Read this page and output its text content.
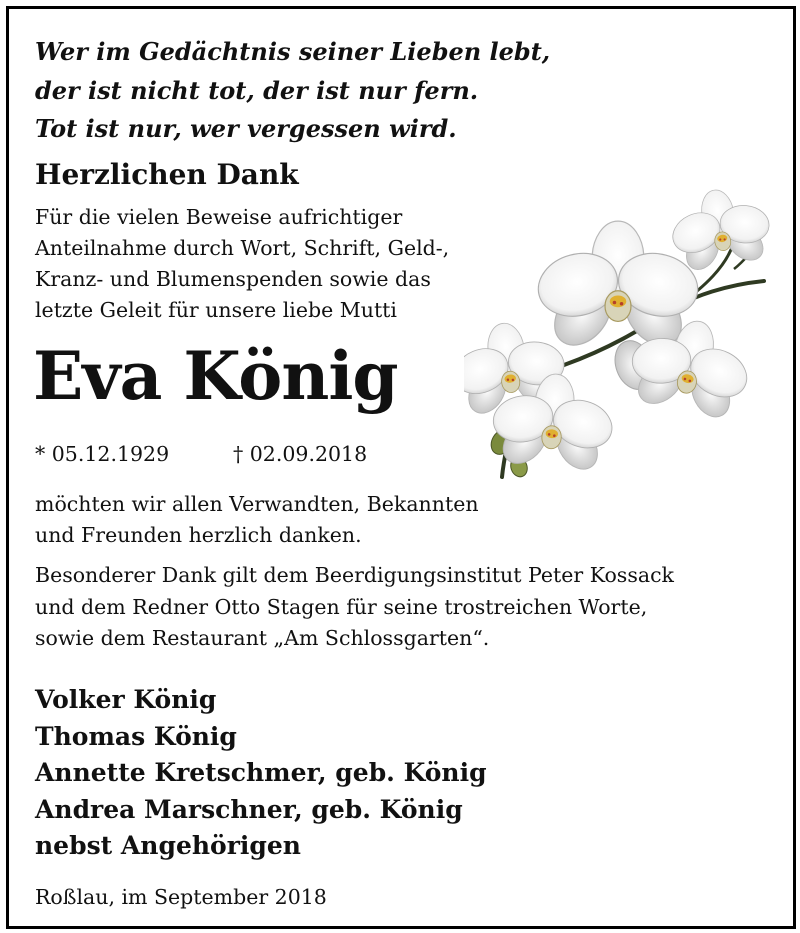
Wer im Gedächtnis seiner Lieben lebt,
der ist nicht tot, der ist nur fern.
Tot ist nur, wer vergessen wird.
Herzlichen Dank
Für die vielen Beweise aufrichtiger
Anteilnahme durch Wort, Schrift, Geld-,
Kranz- und Blumenspenden sowie das
letzte Geleit für unsere liebe Mutti
Eva König
* 05.12.1929	† 02.09.2018
möchten wir allen Verwandten, Bekannten
und Freunden herzlich danken.
Besonderer Dank gilt dem Beerdigungsinstitut Peter Kossack
und dem Redner Otto Stagen für seine trostreichen Worte,
sowie dem Restaurant „Am Schlossgarten“.
Volker König
Thomas König
Annette Kretschmer, geb. König
Andrea Marschner, geb. König
nebst Angehörigen
Roßlau, im September 2018
